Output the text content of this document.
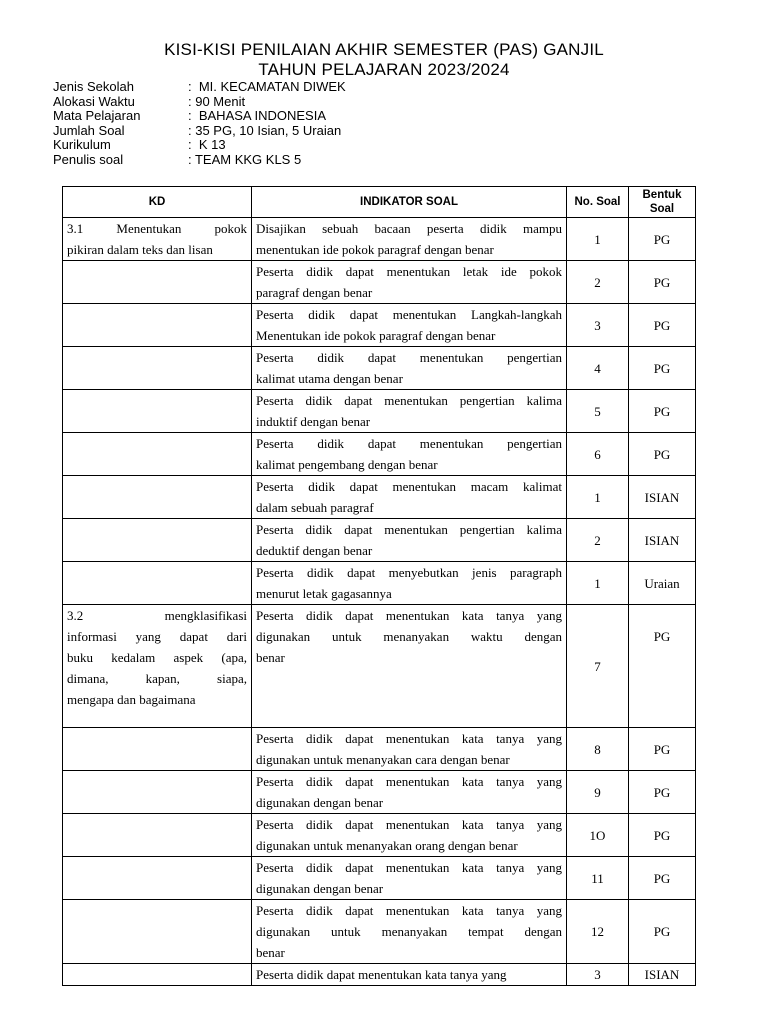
KISI-KISI PENILAIAN AKHIR SEMESTER (PAS) GANJIL
TAHUN PELAJARAN 2023/2024
Jenis Sekolah	:  MI. KECAMATAN DIWEK
Alokasi Waktu	: 90 Menit
Mata Pelajaran	:  BAHASA INDONESIA
Jumlah Soal	: 35 PG, 10 Isian, 5 Uraian
Kurikulum	:  K 13
Penulis soal	: TEAM KKG KLS 5
KD	INDIKATOR SOAL	No. Soal	Bentuk Soal

3.1 Menentukan pokok
pikiran dalam teks dan lisan	Disajikan sebuah bacaan peserta didik mampu
menentukan ide pokok paragraf dengan benar	1	PG

	Peserta didik dapat menentukan letak ide pokok
paragraf dengan benar	2	PG

	Peserta didik dapat menentukan Langkah-langkah
Menentukan ide pokok paragraf dengan benar	3	PG

	Peserta didik dapat menentukan pengertian
kalimat utama dengan benar	4	PG

	Peserta didik dapat menentukan pengertian kalima
induktif dengan benar	5	PG

	Peserta didik dapat menentukan pengertian
kalimat pengembang dengan benar	6	PG

	Peserta didik dapat menentukan macam kalimat
dalam sebuah paragraf	1	ISIAN

	Peserta didik dapat menentukan pengertian kalima
deduktif dengan benar	2	ISIAN

	Peserta didik dapat menyebutkan jenis paragraph
menurut letak gagasannya	1	Uraian

3.2 mengklasifikasi
informasi yang dapat dari
buku kedalam aspek (apa,
dimana, kapan, siapa,
mengapa dan bagaimana	Peserta didik dapat menentukan kata tanya yang
digunakan untuk menanyakan waktu dengan
benar	7	PG

	Peserta didik dapat menentukan kata tanya yang
digunakan untuk menanyakan cara dengan benar	8	PG

	Peserta didik dapat menentukan kata tanya yang
digunakan dengan benar	9	PG

	Peserta didik dapat menentukan kata tanya yang
digunakan untuk menanyakan orang dengan benar	1O	PG

	Peserta didik dapat menentukan kata tanya yang
digunakan dengan benar	11	PG

	Peserta didik dapat menentukan kata tanya yang
digunakan untuk menanyakan tempat dengan
benar	12	PG

	Peserta didik dapat menentukan kata tanya yang	3	ISIAN
